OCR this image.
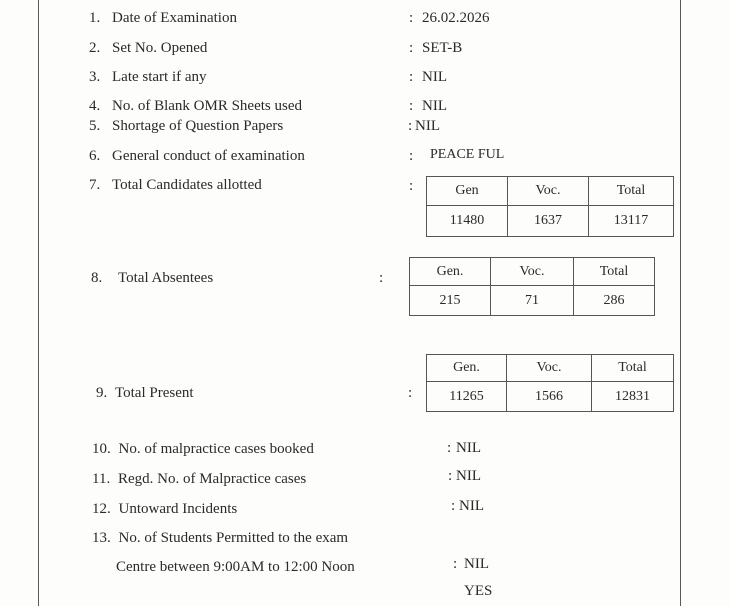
1. Date of Examination	: 26.02.2026
2. Set No. Opened	: SET-B
3. Late start if any	: NIL
4. No. of Blank OMR Sheets used	: NIL
5. Shortage of Question Papers	: NIL
6. General conduct of examination	: PEACE FUL
7. Total Candidates allotted	:	Gen	Voc.	Total
11480	1637	13117
8. Total Absentees	:	Gen.	Voc.	Total
215	71	286
9. Total Present	:
Gen.	Voc.	Total
11265	1566	12831
10. No. of malpractice cases booked	: NIL
11. Regd. No. of Malpractice cases	: NIL
12. Untoward Incidents	: NIL
13. No. of Students Permitted to the exam
Centre between 9:00AM to 12:00 Noon	: NIL
YES
